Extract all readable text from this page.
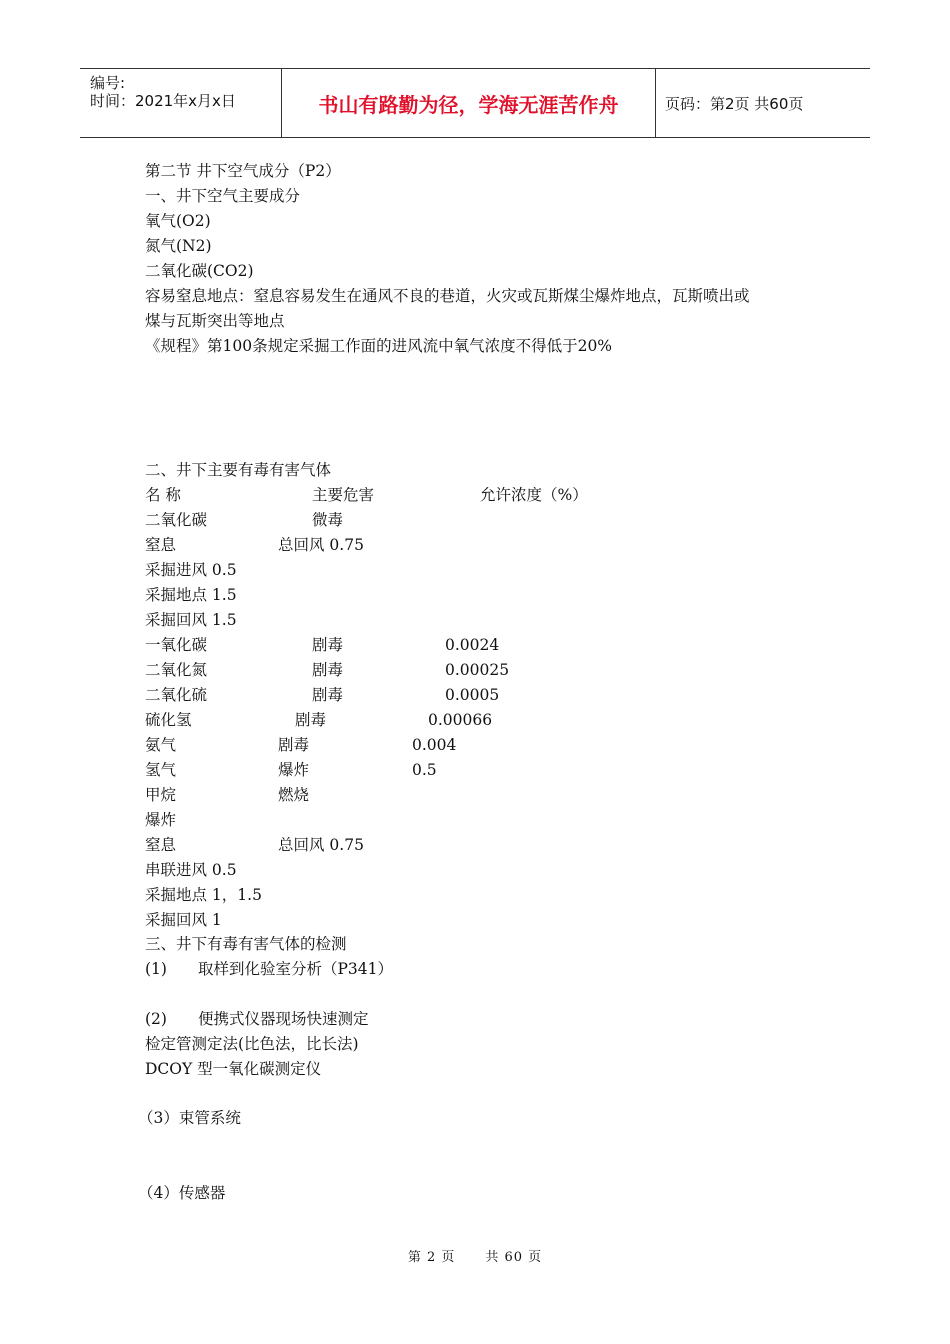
编号:
时间：2021年x月x日	书山有路勤为径，学海无涯苦作舟	页码：第2页 共60页
第二节 井下空气成分（P2）
一、井下空气主要成分
氧气(O2)
氮气(N2)
二氧化碳(CO2)
容易窒息地点：窒息容易发生在通风不良的巷道，火灾或瓦斯煤尘爆炸地点，瓦斯喷出或
煤与瓦斯突出等地点
《规程》第100条规定采掘工作面的进风流中氧气浓度不得低于20%
二、井下主要有毒有害气体
名 称	主要危害	允许浓度（%）
二氧化碳	微毒
窒息	总回风 0.75
采掘进风 0.5
采掘地点 1.5
采掘回风 1.5
一氧化碳	剧毒	0.0024
二氧化氮	剧毒	0.00025
二氧化硫	剧毒	0.0005
硫化氢	剧毒	0.00066
氨气	剧毒	0.004
氢气	爆炸	0.5
甲烷	燃烧
爆炸
窒息	总回风 0.75
串联进风 0.5
采掘地点 1，1.5
采掘回风 1
三、井下有毒有害气体的检测
(1) 取样到化验室分析（P341）
(2) 便携式仪器现场快速测定
检定管测定法(比色法，比长法)
DCOY 型一氧化碳测定仪
（3）束管系统
（4）传感器
第 2 页 共 60 页
